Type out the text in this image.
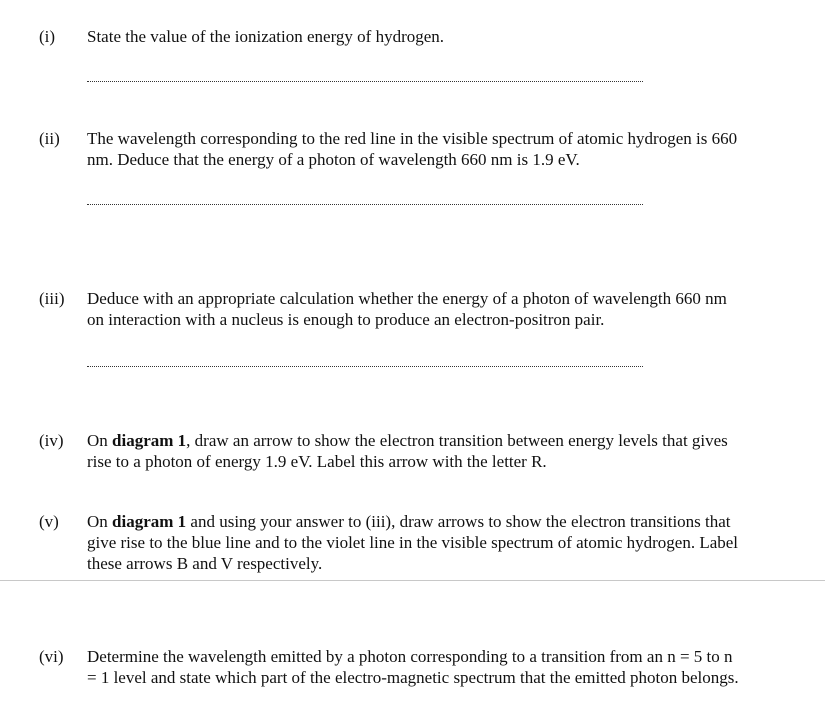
(i) State the value of the ionization energy of hydrogen.
(ii) The wavelength corresponding to the red line in the visible spectrum of atomic hydrogen is 660
nm. Deduce that the energy of a photon of wavelength 660 nm is 1.9 eV.
(iii) Deduce with an appropriate calculation whether the energy of a photon of wavelength 660 nm
on interaction with a nucleus is enough to produce an electron-positron pair.
(iv) On diagram 1, draw an arrow to show the electron transition between energy levels that gives
rise to a photon of energy 1.9 eV. Label this arrow with the letter R.
(v) On diagram 1 and using your answer to (iii), draw arrows to show the electron transitions that
give rise to the blue line and to the violet line in the visible spectrum of atomic hydrogen. Label
these arrows B and V respectively.
(vi) Determine the wavelength emitted by a photon corresponding to a transition from an n = 5 to n
= 1 level and state which part of the electro-magnetic spectrum that the emitted photon belongs.
